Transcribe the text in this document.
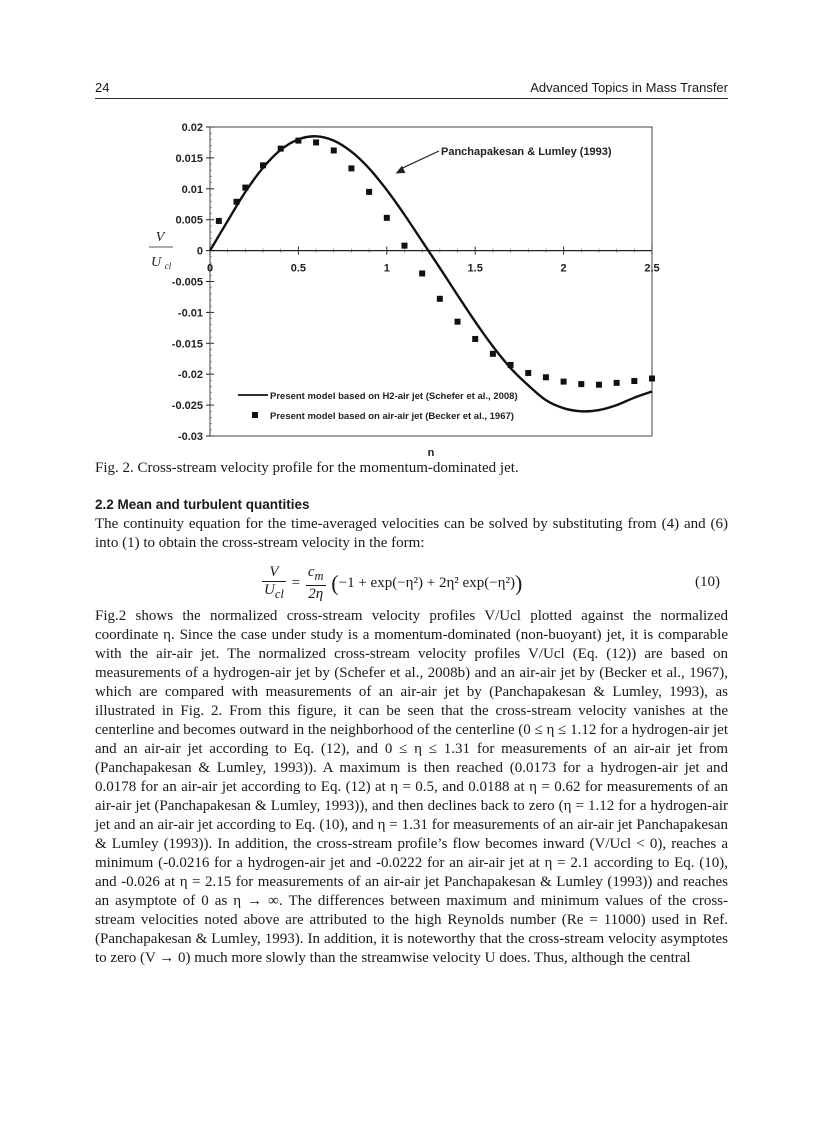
24	Advanced Topics in Mass Transfer
0.02
0.015
0.01
0.005
0
-0.005
-0.01
-0.015
-0.02
-0.025
-0.03
0	0.5	1	1.5	2	2.5
n
V
U cl
Panchapakesan & Lumley (1993)
Present model based on H2-air jet (Schefer et al., 2008)
Present model based on air-air jet (Becker et al., 1967)
Fig. 2. Cross-stream velocity profile for the momentum-dominated jet.
2.2 Mean and turbulent quantities
The continuity equation for the time-averaged velocities can be solved by substituting from (4) and (6) into (1) to obtain the cross-stream velocity in the form:
$\frac{V}{U_{cl}} = \frac{c_m}{2\eta} (-1 + \exp(-\eta^2) + 2\eta^2$ exp(−η²))	(10)

Fig.2 shows the normalized cross-stream velocity profiles V/Ucl plotted against the normalized coordinate η. Since the case under study is a momentum-dominated (non-buoyant) jet, it is comparable with the air-air jet. The normalized cross-stream velocity profiles V/Ucl (Eq. (12)) are based on measurements of a hydrogen-air jet by (Schefer et al., 2008b) and an air-air jet by (Becker et al., 1967), which are compared with measurements of an air-air jet by (Panchapakesan & Lumley, 1993), as illustrated in Fig. 2. From this figure, it can be seen that the cross-stream velocity vanishes at the centerline and becomes outward in the neighborhood of the centerline (0 ≤ η ≤ 1.12 for a hydrogen-air jet and an air-air jet according to Eq. (12), and 0 ≤ η ≤ 1.31 for measurements of an air-air jet from (Panchapakesan & Lumley, 1993)). A maximum is then reached (0.0173 for a hydrogen-air jet and 0.0178 for an air-air jet according to Eq. (12) at η = 0.5, and 0.0188 at η = 0.62 for measurements of an air-air jet (Panchapakesan & Lumley, 1993)), and then declines back to zero (η = 1.12 for a hydrogen-air jet and an air-air jet according to Eq. (10), and η = 1.31 for measurements of an air-air jet Panchapakesan & Lumley (1993)). In addition, the cross-stream profile’s flow becomes inward (V/Ucl < 0), reaches a minimum (-0.0216 for a hydrogen-air jet and -0.0222 for an air-air jet at η = 2.1 according to Eq. (10), and -0.026 at η = 2.15 for measurements of an air-air jet Panchapakesan & Lumley (1993)) and reaches an asymptote of 0 as η → ∞. The differences between maximum and minimum values of the cross-stream velocities noted above are attributed to the high Reynolds number (Re = 11000) used in Ref. (Panchapakesan & Lumley, 1993). In addition, it is noteworthy that the cross-stream velocity asymptotes to zero (V → 0) much more slowly than the streamwise velocity U does. Thus, although the central
